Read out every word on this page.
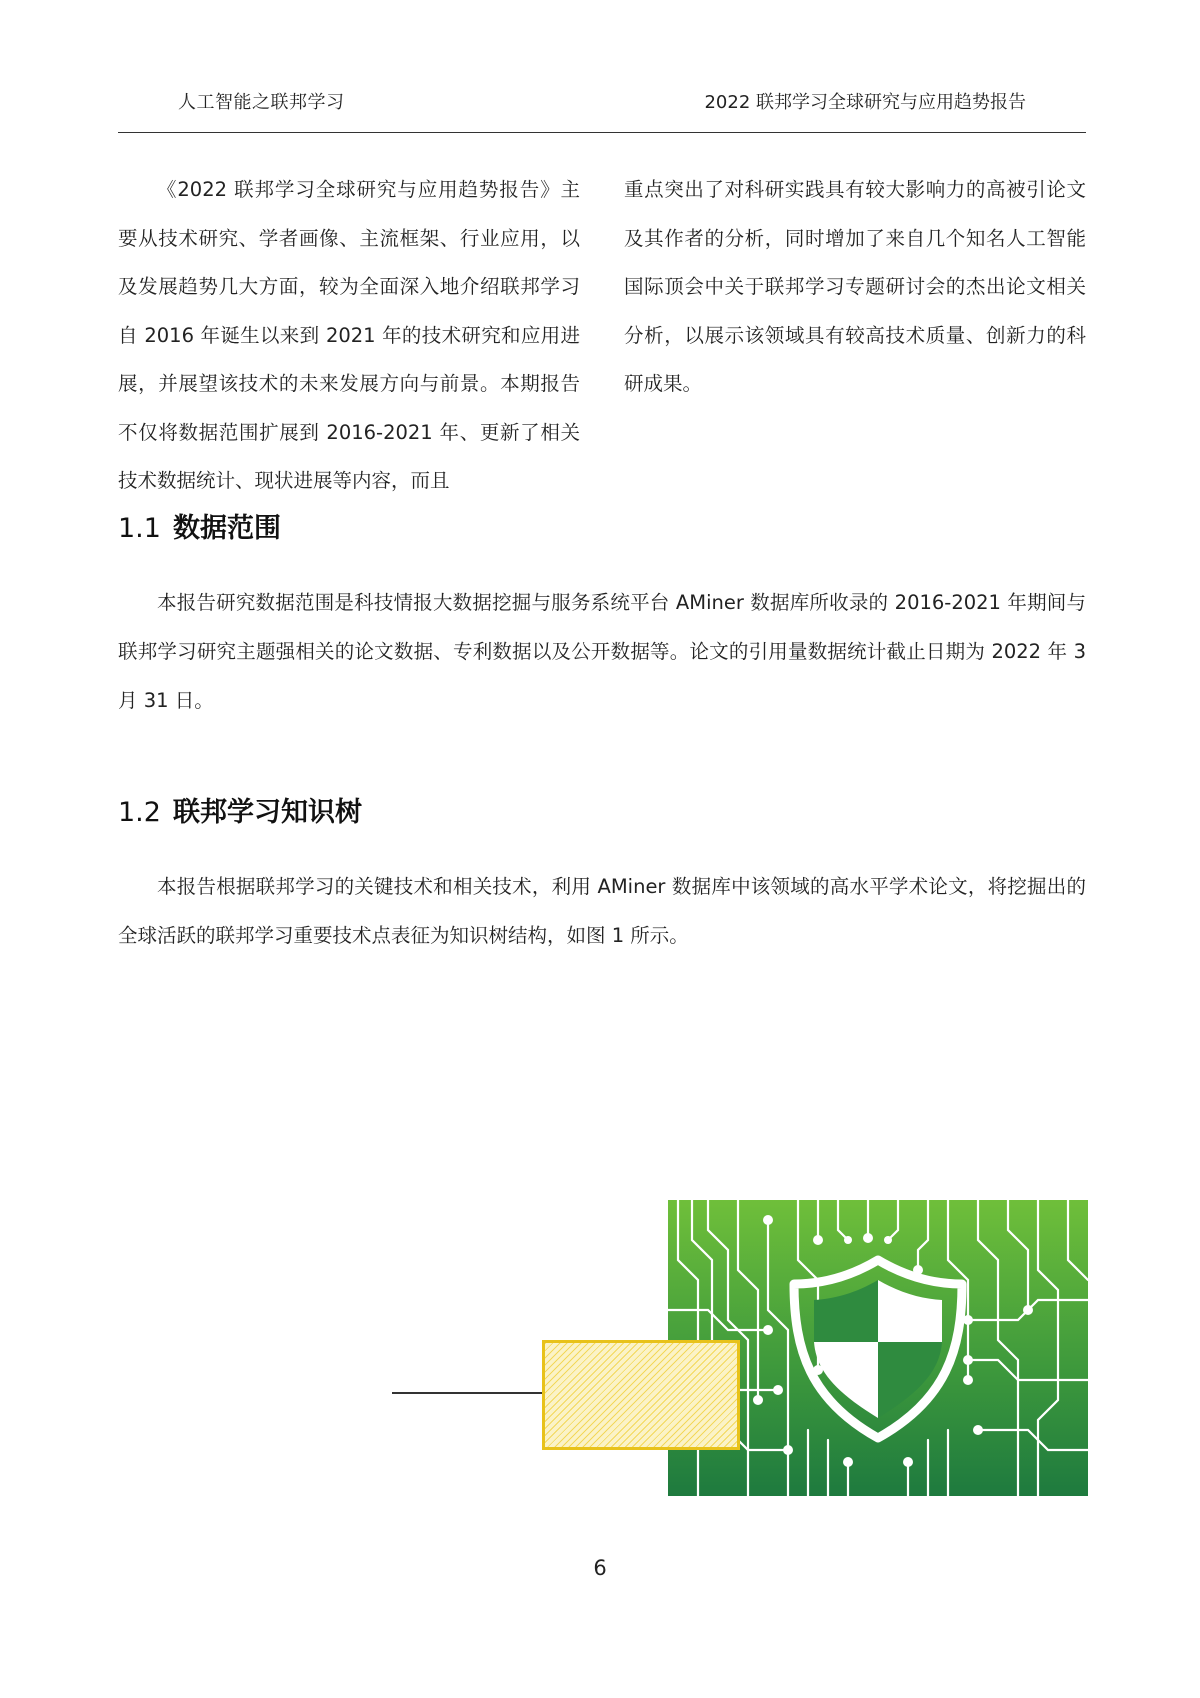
人工智能之联邦学习	2022 联邦学习全球研究与应用趋势报告

《2022 联邦学习全球研究与应用趋势报告》主要从技术研究、学者画像、主流框架、行业应用，以及发展趋势几大方面，较为全面深入地介绍联邦学习自 2016 年诞生以来到 2021 年的技术研究和应用进展，并展望该技术的未来发展方向与前景。本期报告不仅将数据范围扩展到 2016-2021 年、更新了相关技术数据统计、现状进展等内容，而且

重点突出了对科研实践具有较大影响力的高被引论文及其作者的分析，同时增加了来自几个知名人工智能国际顶会中关于联邦学习专题研讨会的杰出论文相关分析，以展示该领域具有较高技术质量、创新力的科研成果。

1.1 数据范围

本报告研究数据范围是科技情报大数据挖掘与服务系统平台 AMiner 数据库所收录的 2016-2021 年期间与联邦学习研究主题强相关的论文数据、专利数据以及公开数据等。论文的引用量数据统计截止日期为 2022 年 3 月 31 日。

1.2 联邦学习知识树

本报告根据联邦学习的关键技术和相关技术，利用 AMiner 数据库中该领域的高水平学术论文，将挖掘出的全球活跃的联邦学习重要技术点表征为知识树结构，如图 1 所示。

6
